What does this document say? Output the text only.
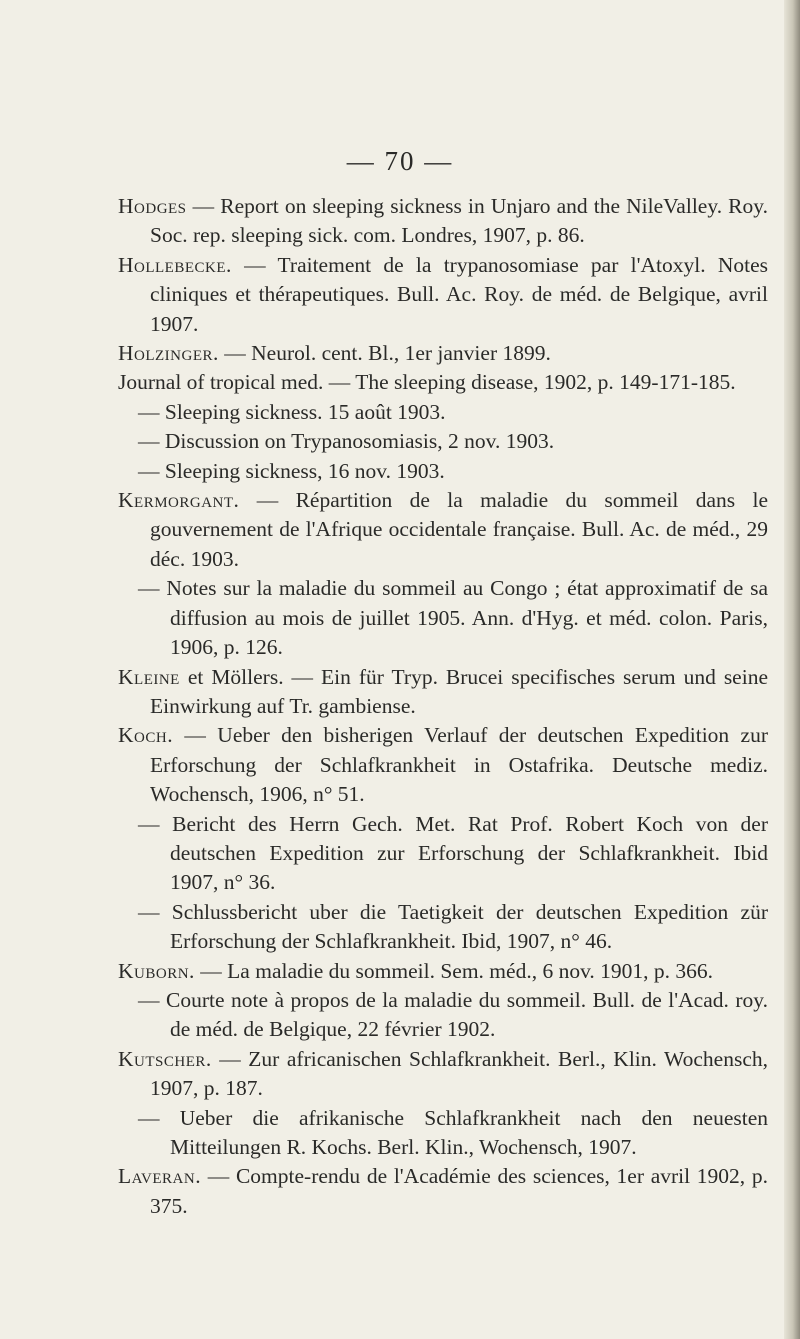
— 70 —

Hodges — Report on sleeping sickness in Unjaro and the NileValley. Roy. Soc. rep. sleeping sick. com. Londres, 1907, p. 86.

Hollebecke. — Traitement de la trypanosomiase par l'Atoxyl. Notes cliniques et thérapeutiques. Bull. Ac. Roy. de méd. de Belgique, avril 1907.

Holzinger. — Neurol. cent. Bl., 1er janvier 1899.

Journal of tropical med. — The sleeping disease, 1902, p. 149-171-185.

— Sleeping sickness. 15 août 1903.

— Discussion on Trypanosomiasis, 2 nov. 1903.

— Sleeping sickness, 16 nov. 1903.

Kermorgant. — Répartition de la maladie du sommeil dans le gouvernement de l'Afrique occidentale française. Bull. Ac. de méd., 29 déc. 1903.

— Notes sur la maladie du sommeil au Congo ; état approximatif de sa diffusion au mois de juillet 1905. Ann. d'Hyg. et méd. colon. Paris, 1906, p. 126.

Kleine et Möllers. — Ein für Tryp. Brucei specifisches serum und seine Einwirkung auf Tr. gambiense.

Koch. — Ueber den bisherigen Verlauf der deutschen Expedition zur Erforschung der Schlafkrankheit in Ostafrika. Deutsche mediz. Wochensch, 1906, n° 51.

— Bericht des Herrn Gech. Met. Rat Prof. Robert Koch von der deutschen Expedition zur Erforschung der Schlafkrankheit. Ibid 1907, n° 36.

— Schlussbericht uber die Taetigkeit der deutschen Expedition zür Erforschung der Schlafkrankheit. Ibid, 1907, n° 46.

Kuborn. — La maladie du sommeil. Sem. méd., 6 nov. 1901, p. 366.

— Courte note à propos de la maladie du sommeil. Bull. de l'Acad. roy. de méd. de Belgique, 22 février 1902.

Kutscher. — Zur africanischen Schlafkrankheit. Berl., Klin. Wochensch, 1907, p. 187.

— Ueber die afrikanische Schlafkrankheit nach den neuesten Mitteilungen R. Kochs. Berl. Klin., Wochensch, 1907.

Laveran. — Compte-rendu de l'Académie des sciences, 1er avril 1902, p. 375.
